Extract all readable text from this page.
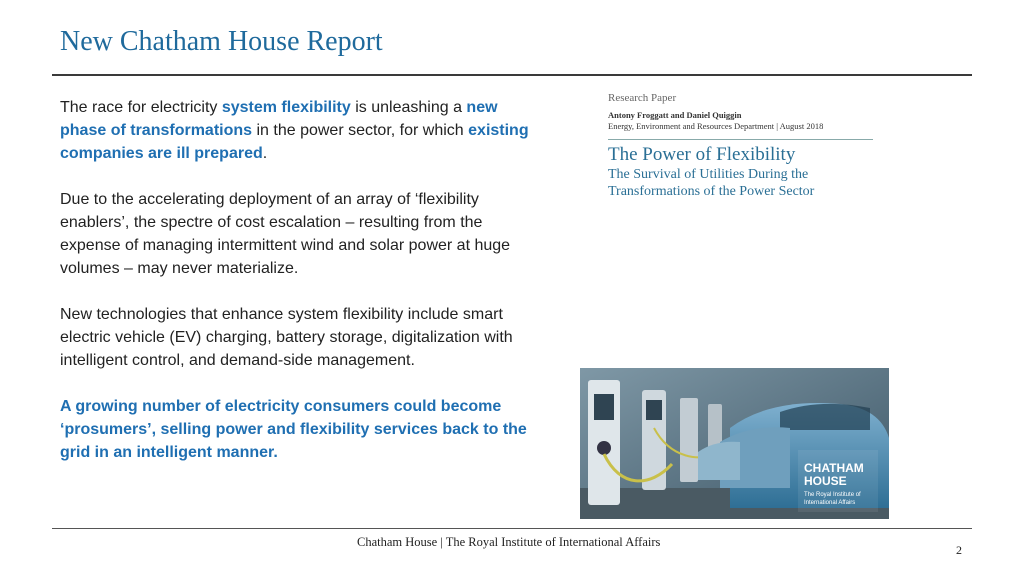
New Chatham House Report

The race for electricity system flexibility is unleashing a new phase of transformations in the power sector, for which existing companies are ill prepared.

Due to the accelerating deployment of an array of ‘flexibility enablers’, the spectre of cost escalation – resulting from the expense of managing intermittent wind and solar power at huge volumes – may never materialize.

New technologies that enhance system flexibility include smart electric vehicle (EV) charging, battery storage, digitalization with intelligent control, and demand-side management.

A growing number of electricity consumers could become ‘prosumers’, selling power and flexibility services back to the grid in an intelligent manner.

Research Paper
Antony Froggatt and Daniel Quiggin
Energy, Environment and Resources Department | August 2018
The Power of Flexibility
The Survival of Utilities During the
Transformations of the Power Sector
CHATHAM
HOUSE
The Royal Institute of
International Affairs
Chatham House | The Royal Institute of International Affairs
2
